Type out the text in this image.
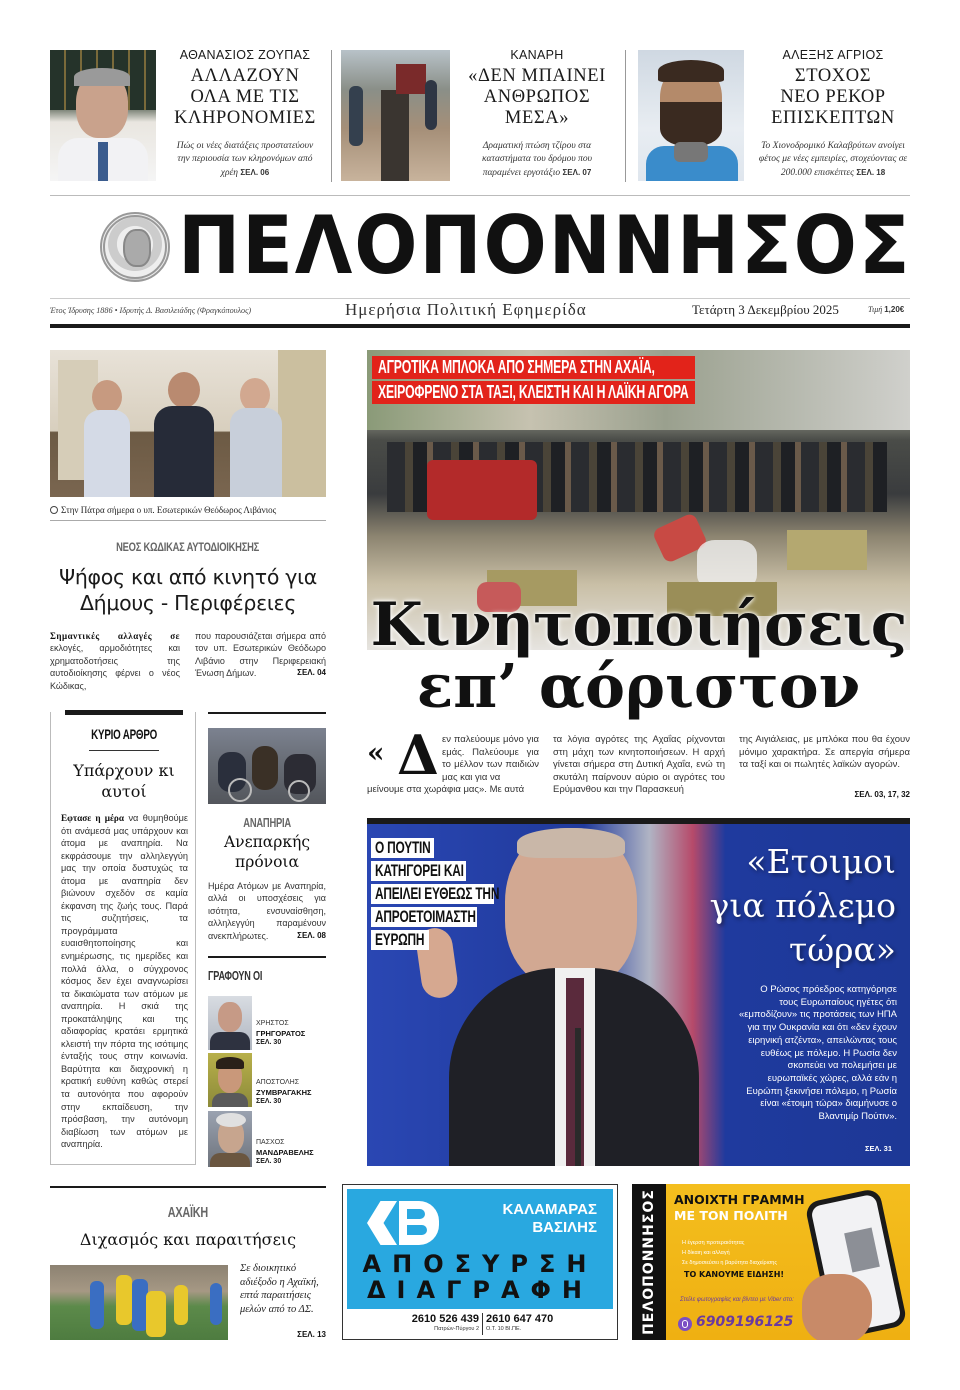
ΑΘΑΝΑΣΙΟΣ ΖΟΥΠΑΣ
ΑΛΛΑΖΟΥΝ
ΟΛΑ ΜΕ ΤΙΣ
ΚΛΗΡΟΝΟΜΙΕΣ
Πώς οι νέες διατάξεις προστατεύουν την περιουσία των κληρονόμων από χρέη ΣΕΛ. 06
ΚΑΝΑΡΗ
«ΔΕΝ ΜΠΑΙΝΕΙ
ΑΝΘΡΩΠΟΣ
ΜΕΣΑ»
Δραματική πτώση τζίρου στα καταστήματα του δρόμου που παραμένει εργοτάξιο ΣΕΛ. 07
ΑΛΕΞΗΣ ΑΓΡΙΟΣ
ΣΤΟΧΟΣ
ΝΕΟ ΡΕΚΟΡ
ΕΠΙΣΚΕΠΤΩΝ
Το Χιονοδρομικό Καλαβρύτων ανοίγει φέτος με νέες εμπειρίες, στοχεύοντας σε 200.000 επισκέπτες ΣΕΛ. 18
ΠΕΛΟΠΟΝΝΗΣΟΣ
Έτος Ίδρυσης 1886 • Ιδρυτής Δ. Βασιλειάδης (Φραγκόπουλος)	Ημερήσια Πολιτική Εφημερίδα	Τετάρτη 3 Δεκεμβρίου 2025	Τιμή 1,20€
Στην Πάτρα σήμερα ο υπ. Εσωτερικών Θεόδωρος Λιβάνιος
ΝΕΟΣ ΚΩΔΙΚΑΣ ΑΥΤΟΔΙΟΙΚΗΣΗΣ
Ψήφος και από κινητό για Δήμους - Περιφέρειες
Σημαντικές αλλαγές σε εκλογές, αρμοδιότητες και χρηματοδοτήσεις της αυτοδιοίκησης φέρνει ο νέος Κώδικας,
που παρουσιάζεται σήμερα από τον υπ. Εσωτερικών Θεόδωρο Λιβάνιο στην Περιφερειακή Ένωση Δήμων.	ΣΕΛ. 04
ΚΥΡΙΟ ΑΡΘΡΟ
Υπάρχουν κι αυτοί
Εφτασε η μέρα να θυμηθούμε ότι ανάμεσά μας υπάρχουν και άτομα με αναπηρία. Να εκφράσουμε την αλληλεγγύη μας την οποία δυστυχώς τα άτομα με αναπηρία δεν βιώνουν σχεδόν σε καμία έκφανση της ζωής τους. Παρά τις συζητήσεις, τα προγράμματα ευαισθητοποίησης και ενημέρωσης, τις ημερίδες και πολλά άλλα, ο σύγχρονος κόσμος δεν έχει αναγνωρίσει τα δικαιώματα των ατόμων με αναπηρία. Η σκιά της προκατάληψης και της αδιαφορίας κρατάει ερμητικά κλειστή την πόρτα της ισότιμης ένταξής τους στην κοινωνία. Βαρύτητα και διαχρονική η κρατική ευθύνη καθώς στερεί τα αυτονόητα που αφορούν στην εκπαίδευση, την πρόσβαση, την αυτόνομη διαβίωση των ατόμων με αναπηρία.
ΑΝΑΠΗΡΙΑ
Ανεπαρκής πρόνοια
Ημέρα Ατόμων με Αναπηρία, αλλά οι υποσχέσεις για ισότητα, ενσυναίσθηση, αλληλεγγύη παραμένουν ανεκπλήρωτες.	ΣΕΛ. 08
ΓΡΑΦΟΥΝ ΟΙ
ΧΡΗΣΤΟΣ
ΓΡΗΓΟΡΑΤΟΣ
ΣΕΛ. 30
ΑΠΟΣΤΟΛΗΣ
ΖΥΜΒΡΑΓΑΚΗΣ
ΣΕΛ. 30
ΠΑΣΧΟΣ
ΜΑΝΔΡΑΒΕΛΗΣ
ΣΕΛ. 30
ΑΓΡΟΤΙΚΑ ΜΠΛΟΚΑ ΑΠΟ ΣΗΜΕΡΑ ΣΤΗΝ ΑΧΑΪΑ,
ΧΕΙΡΟΦΡΕΝΟ ΣΤΑ ΤΑΞΙ, ΚΛΕΙΣΤΗ ΚΑΙ Η ΛΑΪΚΗ ΑΓΟΡΑ
Κινητοποιήσεις
επ’ αόριστον
« Δ εν παλεύουμε μόνο για εμάς. Παλεύουμε για το μέλλον των παιδιών μας και για να
μείνουμε στα χωράφια μας». Με αυτά
τα λόγια αγρότες της Αχαΐας ρίχνονται στη μάχη των κινητοποιήσεων. Η αρχή γίνεται σήμερα στη Δυτική Αχαΐα, ενώ τη σκυτάλη παίρνουν αύριο οι αγρότες του Ερύμανθου και την Παρασκευή
της Αιγιάλειας, με μπλόκα που θα έχουν μόνιμο χαρακτήρα. Σε απεργία σήμερα τα ταξί και οι πωλητές λαϊκών αγορών.
ΣΕΛ. 03, 17, 32
Ο ΠΟΥΤΙΝ
ΚΑΤΗΓΟΡΕΙ ΚΑΙ
ΑΠΕΙΛΕΙ ΕΥΘΕΩΣ ΤΗΝ
ΑΠΡΟΕΤΟΙΜΑΣΤΗ
ΕΥΡΩΠΗ
«Ετοιμοι
για πόλεμο
τώρα»
Ο Ρώσος πρόεδρος κατηγόρησε τους Ευρωπαίους ηγέτες ότι «εμποδίζουν» τις προτάσεις των ΗΠΑ για την Ουκρανία και ότι «δεν έχουν ειρηνική ατζέντα», απειλώντας τους ευθέως με πόλεμο. Η Ρωσία δεν σκοπεύει να πολεμήσει με ευρωπαϊκές χώρες, αλλά εάν η Ευρώπη ξεκινήσει πόλεμο, η Ρωσία είναι «έτοιμη τώρα» διαμήνυσε ο Βλαντιμίρ Πούτιν».
ΣΕΛ. 31
ΑΧΑΪΚΗ
Διχασμός και παραιτήσεις
Σε διοικητικό αδιέξοδο η Αχαϊκή, επτά παραιτήσεις μελών από το ΔΣ.
ΣΕΛ. 13
ΚΑΛΑΜΑΡΑΣ
ΒΑΣΙΛΗΣ
ΑΠΟΣΥΡΣΗ
ΔΙΑΓΡΑΦΗ
2610 526 439
Πατρών-Πύργου 2
2610 647 470
Ο.Τ. 10 ΒΙ.ΠΕ.	ΠΕΛΟΠΟΝΝΗΣΟΣ ΑΝΟΙΧΤΗ ΓΡΑΜΜΗ
ΜΕ ΤΟΝ ΠΟΛΙΤΗ
Η έγερση προτεραιότητας
Η δίκαιη και αλλαγή
Σε δημοσιεύσει η βαρύτητα διαχείρισης
ΤΟ ΚΑΝΟΥΜΕ ΕΙΔΗΣΗ!
Στείλε φωτογραφίες και βίντεο με Viber στο:
6909196125
